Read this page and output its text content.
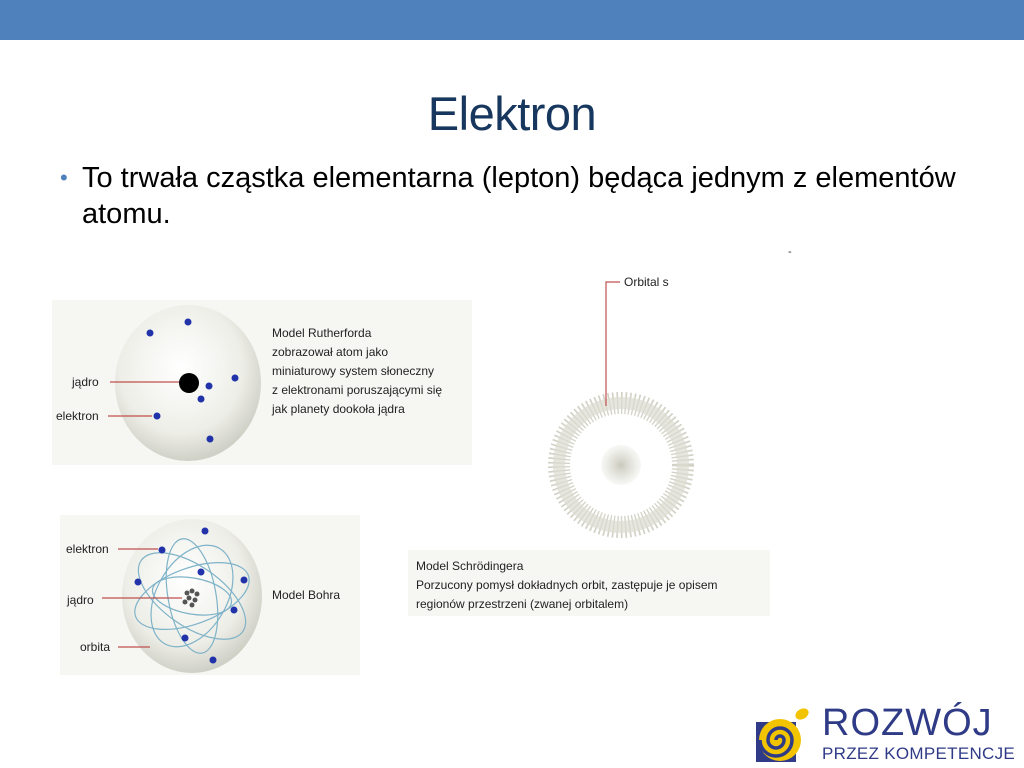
Elektron
• To trwała cząstka elementarna (lepton) będąca jednym z elementów atomu.
-
jądro
elektron
Model Rutherforda
zobrazował atom jako
miniaturowy system słoneczny
z elektronami poruszającymi się
jak planety dookoła jądra
elektron
jądro
orbita
Model Bohra
Orbital s
Model Schrödingera
Porzucony pomysł dokładnych orbit, zastępuje je opisem
regionów przestrzeni (zwanej orbitalem)
ROZWÓJ
PRZEZ KOMPETENCJE
